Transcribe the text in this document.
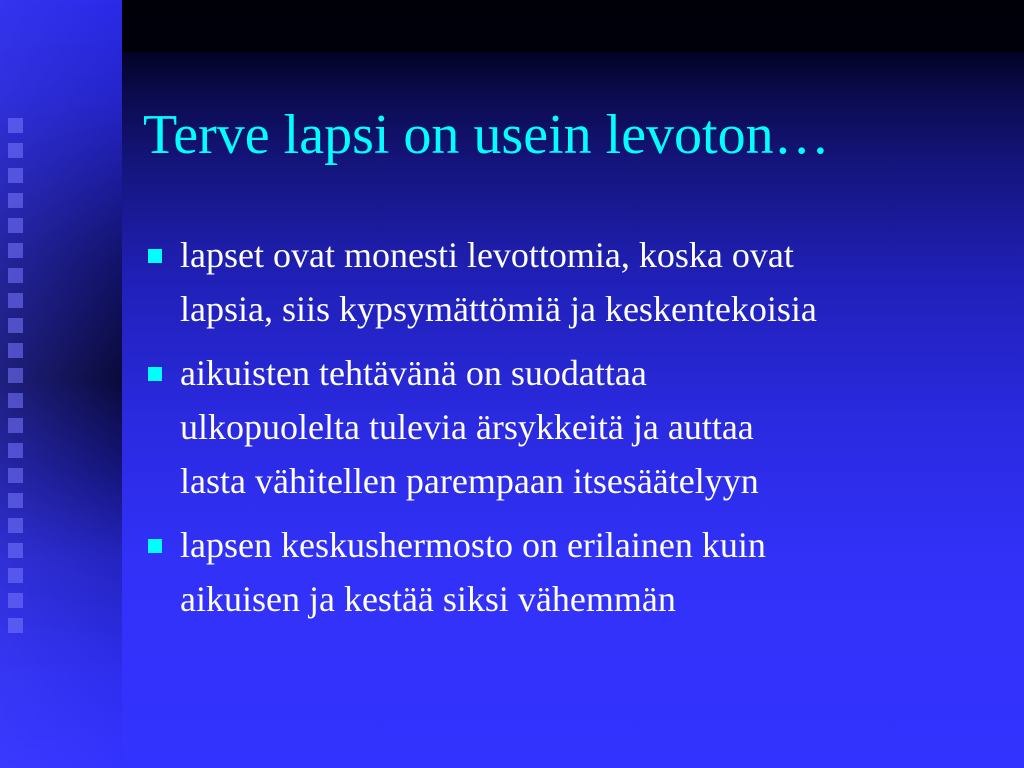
Terve lapsi on usein levoton…
lapset ovat monesti levottomia, koska ovat
lapsia, siis kypsymättömiä ja keskentekoisia
aikuisten tehtävänä on suodattaa
ulkopuolelta tulevia ärsykkeitä ja auttaa
lasta vähitellen parempaan itsesäätelyyn
lapsen keskushermosto on erilainen kuin
aikuisen ja kestää siksi vähemmän
